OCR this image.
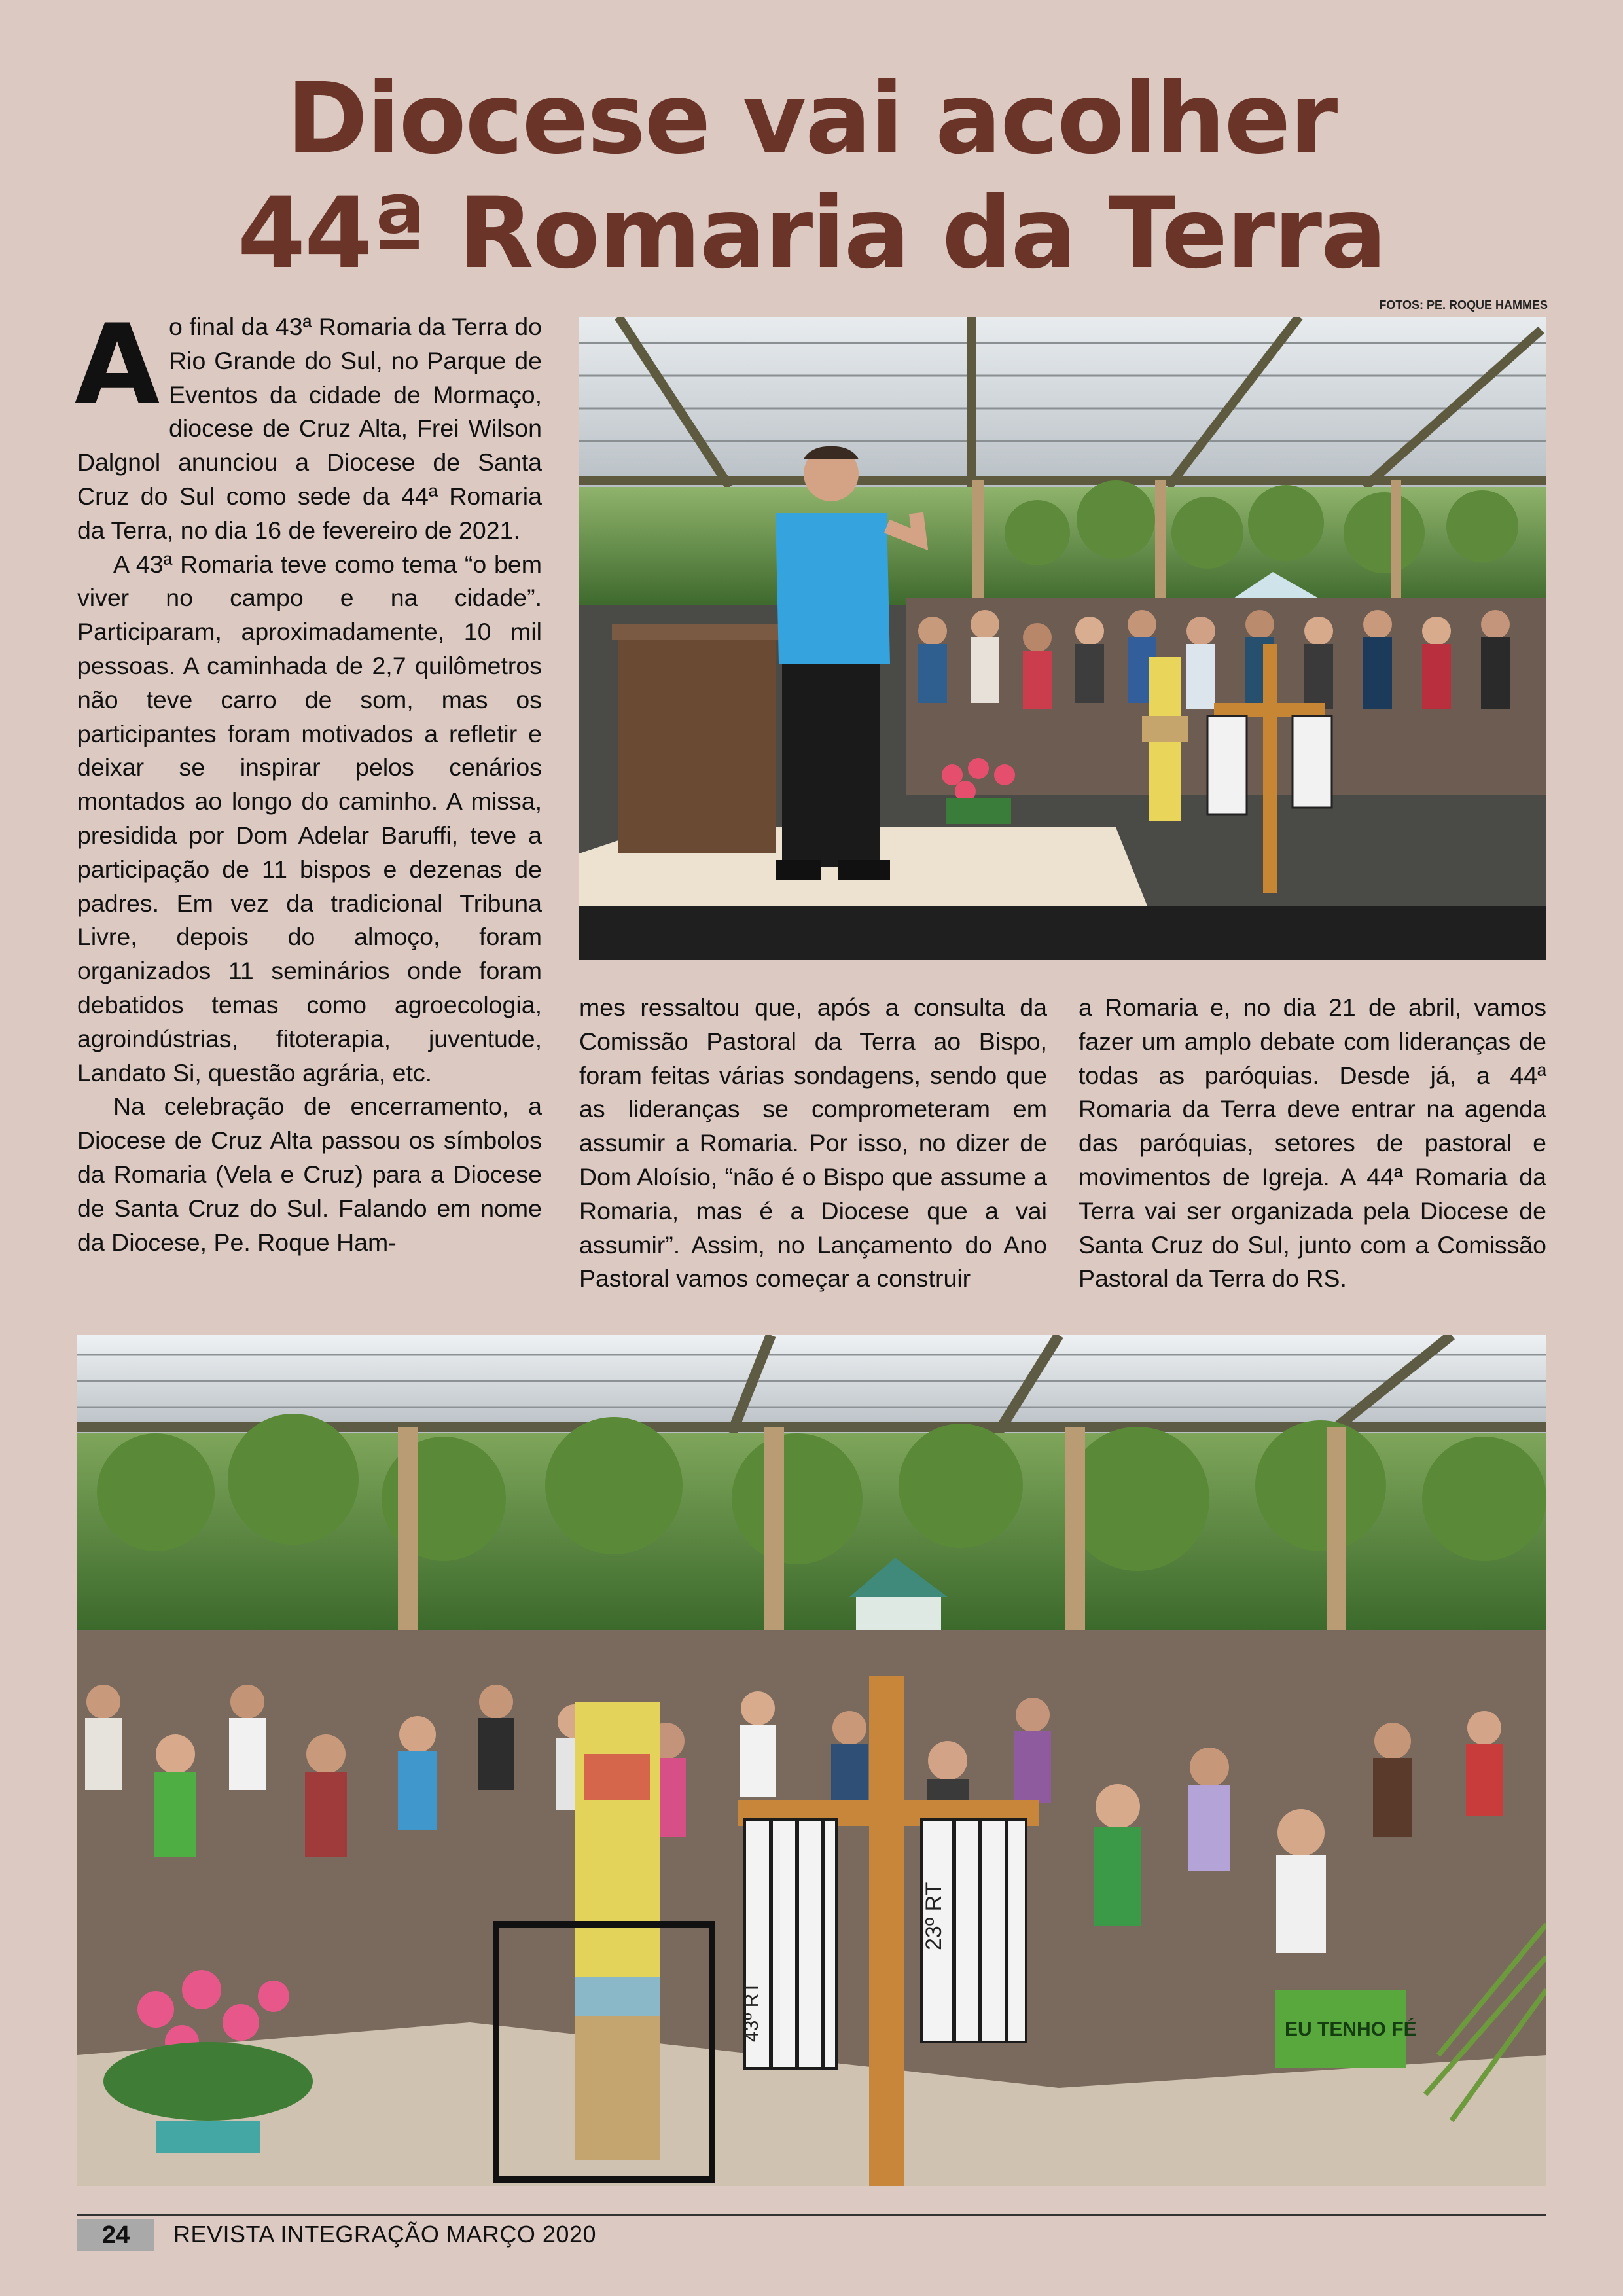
Diocese vai acolher
44ª Romaria da Terra
FOTOS: PE. ROQUE HAMMES

Ao final da 43ª Romaria da Terra do Rio Grande do Sul, no Parque de Eventos da cidade de Mormaço, diocese de Cruz Alta, Frei Wilson Dalgnol anunciou a Diocese de Santa Cruz do Sul como sede da 44ª Romaria da Terra, no dia 16 de fevereiro de 2021.

A 43ª Romaria teve como tema “o bem viver no campo e na cidade”. Participaram, aproximadamente, 10 mil pessoas. A caminhada de 2,7 quilômetros não teve carro de som, mas os participantes foram motivados a refletir e deixar se inspirar pelos cenários montados ao longo do caminho. A missa, presidida por Dom Adelar Baruffi, teve a participação de 11 bispos e dezenas de padres. Em vez da tradicional Tribuna Livre, depois do almoço, foram organizados 11 seminários onde foram debatidos temas como agroecologia, agroindústrias, fitoterapia, juventude, Landato Si, questão agrária, etc.

Na celebração de encerramento, a Diocese de Cruz Alta passou os símbolos da Romaria (Vela e Cruz) para a Diocese de Santa Cruz do Sul. Falando em nome da Diocese, Pe. Roque Ham-

mes ressaltou que, após a consulta da Comissão Pastoral da Terra ao Bispo, foram feitas várias sondagens, sendo que as lideranças se comprometeram em assumir a Romaria. Por isso, no dizer de Dom Aloísio, “não é o Bispo que assume a Romaria, mas é a Diocese que a vai assumir”. Assim, no Lançamento do Ano Pastoral vamos começar a construir

a Romaria e, no dia 21 de abril, vamos fazer um amplo debate com lideranças de todas as paróquias. Desde já, a 44ª Romaria da Terra deve entrar na agenda das paróquias, setores de pastoral e movimentos de Igreja. A 44ª Romaria da Terra vai ser organizada pela Diocese de Santa Cruz do Sul, junto com a Comissão Pastoral da Terra do RS.

23º RT
43º RT	EU TENHO FÉ
24	REVISTA INTEGRAÇÃO MARÇO 2020
